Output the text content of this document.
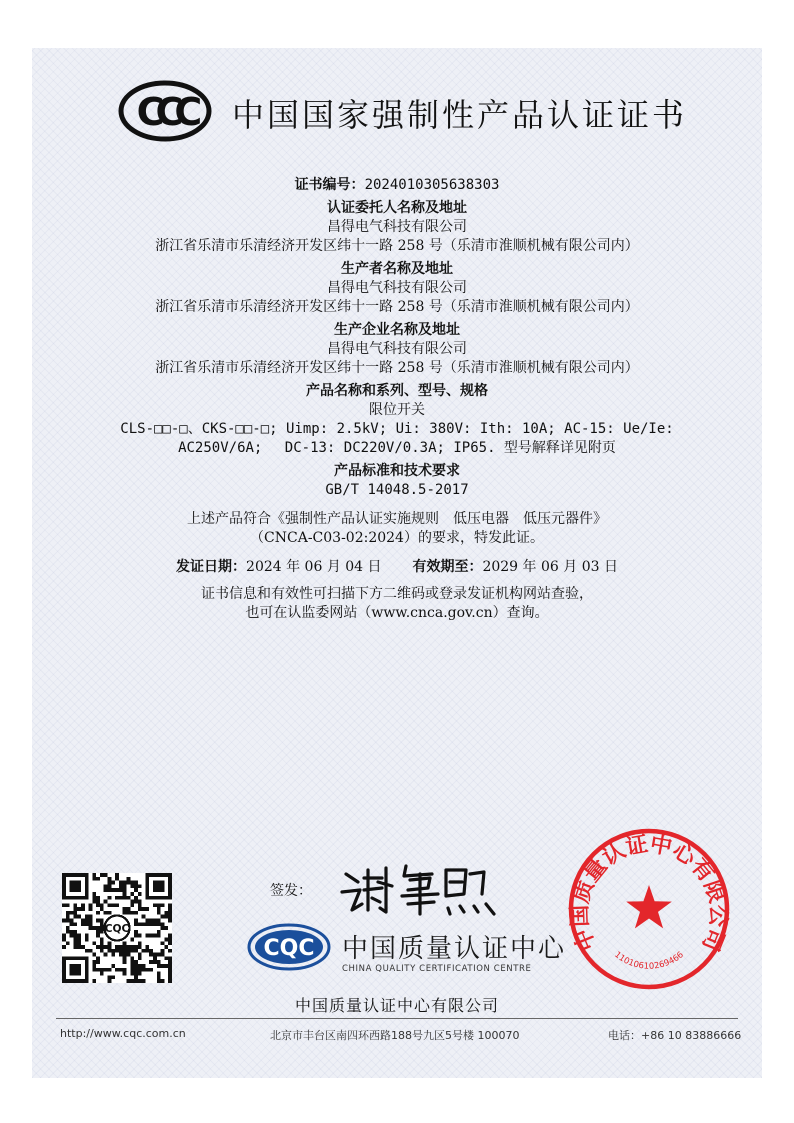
CCC 中国国家强制性产品认证证书
证书编号：2024010305638303
认证委托人名称及地址
昌得电气科技有限公司
浙江省乐清市乐清经济开发区纬十一路 258 号（乐清市淮顺机械有限公司内）
生产者名称及地址
昌得电气科技有限公司
浙江省乐清市乐清经济开发区纬十一路 258 号（乐清市淮顺机械有限公司内）
生产企业名称及地址
昌得电气科技有限公司
浙江省乐清市乐清经济开发区纬十一路 258 号（乐清市淮顺机械有限公司内）
产品名称和系列、型号、规格
限位开关
CLS-□□-□、CKS-□□-□; Uimp: 2.5kV; Ui: 380V: Ith: 10A; AC-15: Ue/Ie:
AC250V/6A;　 DC-13: DC220V/0.3A; IP65. 型号解释详见附页
产品标准和技术要求
GB/T 14048.5-2017
上述产品符合《强制性产品认证实施规则　低压电器　低压元器件》
（CNCA-C03-02:2024）的要求，特发此证。
发证日期：2024 年 06 月 04 日 有效期至：2029 年 06 月 03 日
证书信息和有效性可扫描下方二维码或登录发证机构网站查验，
也可在认监委网站（www.cnca.gov.cn）查询。
CQC
签发：
CQC 中国质量认证中心
CHINA QUALITY CERTIFICATION CENTRE
中国质量认证中心有限公司
http://www.cqc.com.cn	北京市丰台区南四环西路188号九区5号楼 100070	电话：+86 10 83886666
中国质量认证中心有限公司
11010610269466
